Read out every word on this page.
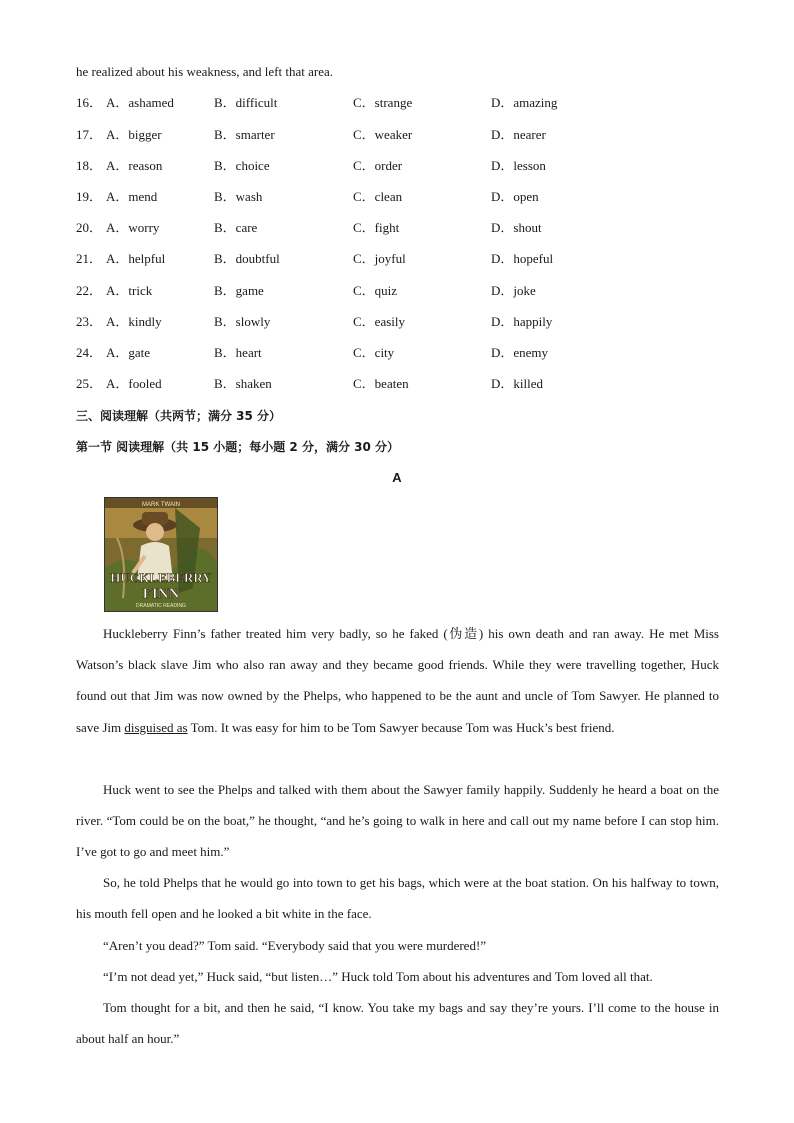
he realized about his weakness, and left that area.
16． A．ashamed	B．difficult	C．strange	D．amazing
17． A．bigger	B．smarter	C．weaker	D．nearer
18． A．reason	B．choice	C．order	D．lesson
19． A．mend	B．wash	C．clean	D．open
20． A．worry	B．care	C．fight	D．shout
21． A．helpful	B．doubtful	C．joyful	D．hopeful
22． A．trick	B．game	C．quiz	D．joke
23． A．kindly	B．slowly	C．easily	D．happily
24． A．gate	B．heart	C．city	D．enemy
25． A．fooled	B．shaken	C．beaten	D．killed
三、阅读理解（共两节；满分 35 分）
第一节 阅读理解（共 15 小题；每小题 2 分，满分 30 分）
A
MARK TWAIN
HUCKLEBERRY
FINN
DRAMATIC READING
Huckleberry Finn’s father treated him very badly, so he faked (伪造) his own death and ran away. He met Miss Watson’s black slave Jim who also ran away and they became good friends. While they were travelling together, Huck found out that Jim was now owned by the Phelps, who happened to be the aunt and uncle of Tom Sawyer. He planned to save Jim disguised as Tom. It was easy for him to be Tom Sawyer because Tom was Huck’s best friend.
Huck went to see the Phelps and talked with them about the Sawyer family happily. Suddenly he heard a boat on the river. “Tom could be on the boat,” he thought, “and he’s going to walk in here and call out my name before I can stop him. I’ve got to go and meet him.”
So, he told Phelps that he would go into town to get his bags, which were at the boat station. On his halfway to town, his mouth fell open and he looked a bit white in the face.
“Aren’t you dead?” Tom said. “Everybody said that you were murdered!”
“I’m not dead yet,” Huck said, “but listen…” Huck told Tom about his adventures and Tom loved all that.
Tom thought for a bit, and then he said, “I know. You take my bags and say they’re yours. I’ll come to the house in about half an hour.”
